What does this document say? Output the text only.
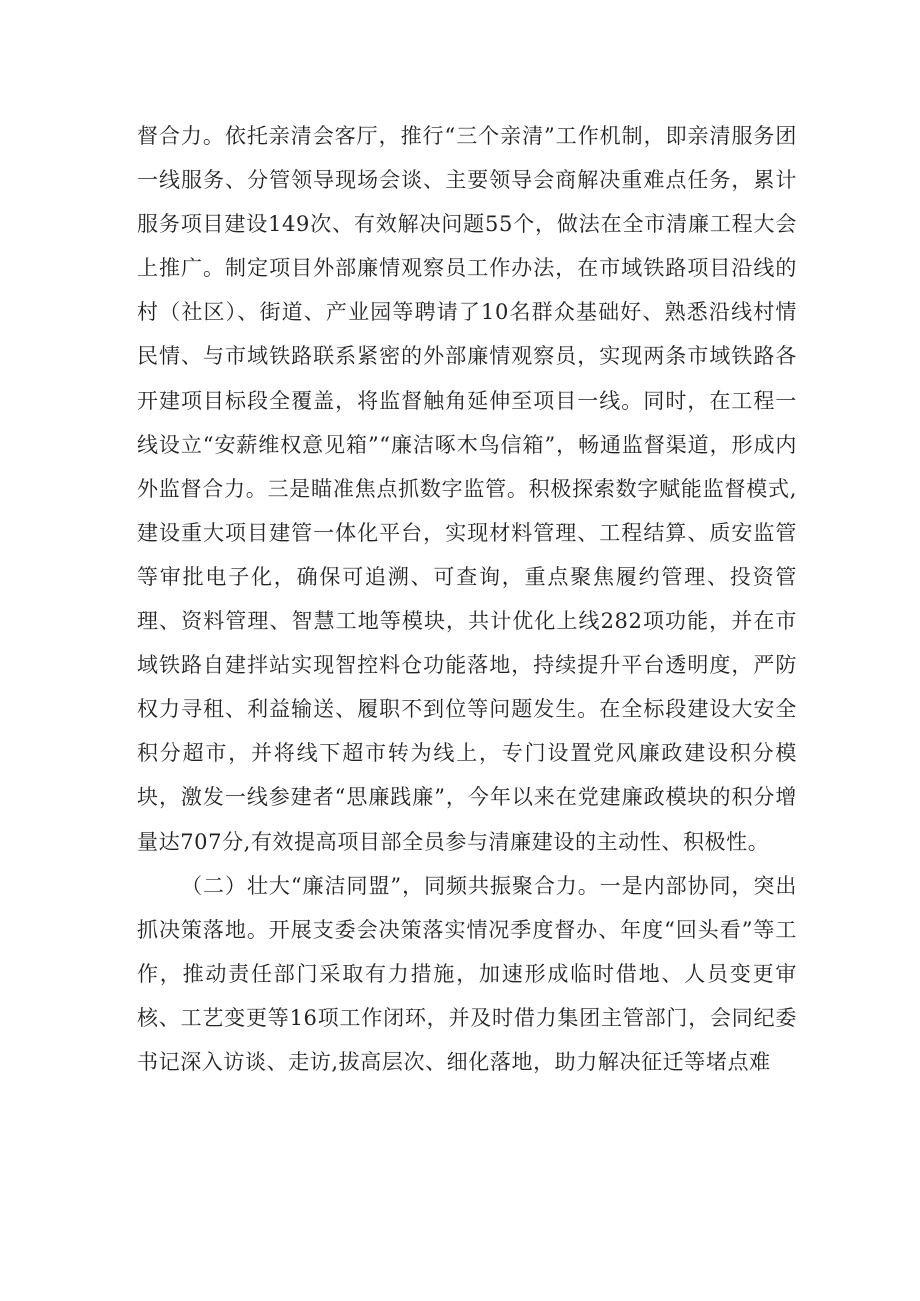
督合力。依托亲清会客厅，推行“三个亲清”工作机制，即亲清服务团一线服务、分管领导现场会谈、主要领导会商解决重难点任务，累计服务项目建设149次、有效解决问题55个，做法在全市清廉工程大会上推广。制定项目外部廉情观察员工作办法，在市域铁路项目沿线的村（社区）、街道、产业园等聘请了10名群众基础好、熟悉沿线村情民情、与市域铁路联系紧密的外部廉情观察员，实现两条市域铁路各开建项目标段全覆盖，将监督触角延伸至项目一线。同时，在工程一线设立“安薪维权意见箱”“廉洁啄木鸟信箱”，畅通监督渠道，形成内外监督合力。三是瞄准焦点抓数字监管。积极探索数字赋能监督模式,建设重大项目建管一体化平台，实现材料管理、工程结算、质安监管等审批电子化，确保可追溯、可查询，重点聚焦履约管理、投资管理、资料管理、智慧工地等模块，共计优化上线282项功能，并在市域铁路自建拌站实现智控料仓功能落地，持续提升平台透明度，严防权力寻租、利益输送、履职不到位等问题发生。在全标段建设大安全积分超市，并将线下超市转为线上，专门设置党风廉政建设积分模块，激发一线参建者“思廉践廉”，今年以来在党建廉政模块的积分增量达707分,有效提高项目部全员参与清廉建设的主动性、积极性。

（二）壮大“廉洁同盟”，同频共振聚合力。一是内部协同，突出抓决策落地。开展支委会决策落实情况季度督办、年度“回头看”等工作，推动责任部门采取有力措施，加速形成临时借地、人员变更审核、工艺变更等16项工作闭环，并及时借力集团主管部门，会同纪委书记深入访谈、走访,拔高层次、细化落地，助力解决征迁等堵点难
